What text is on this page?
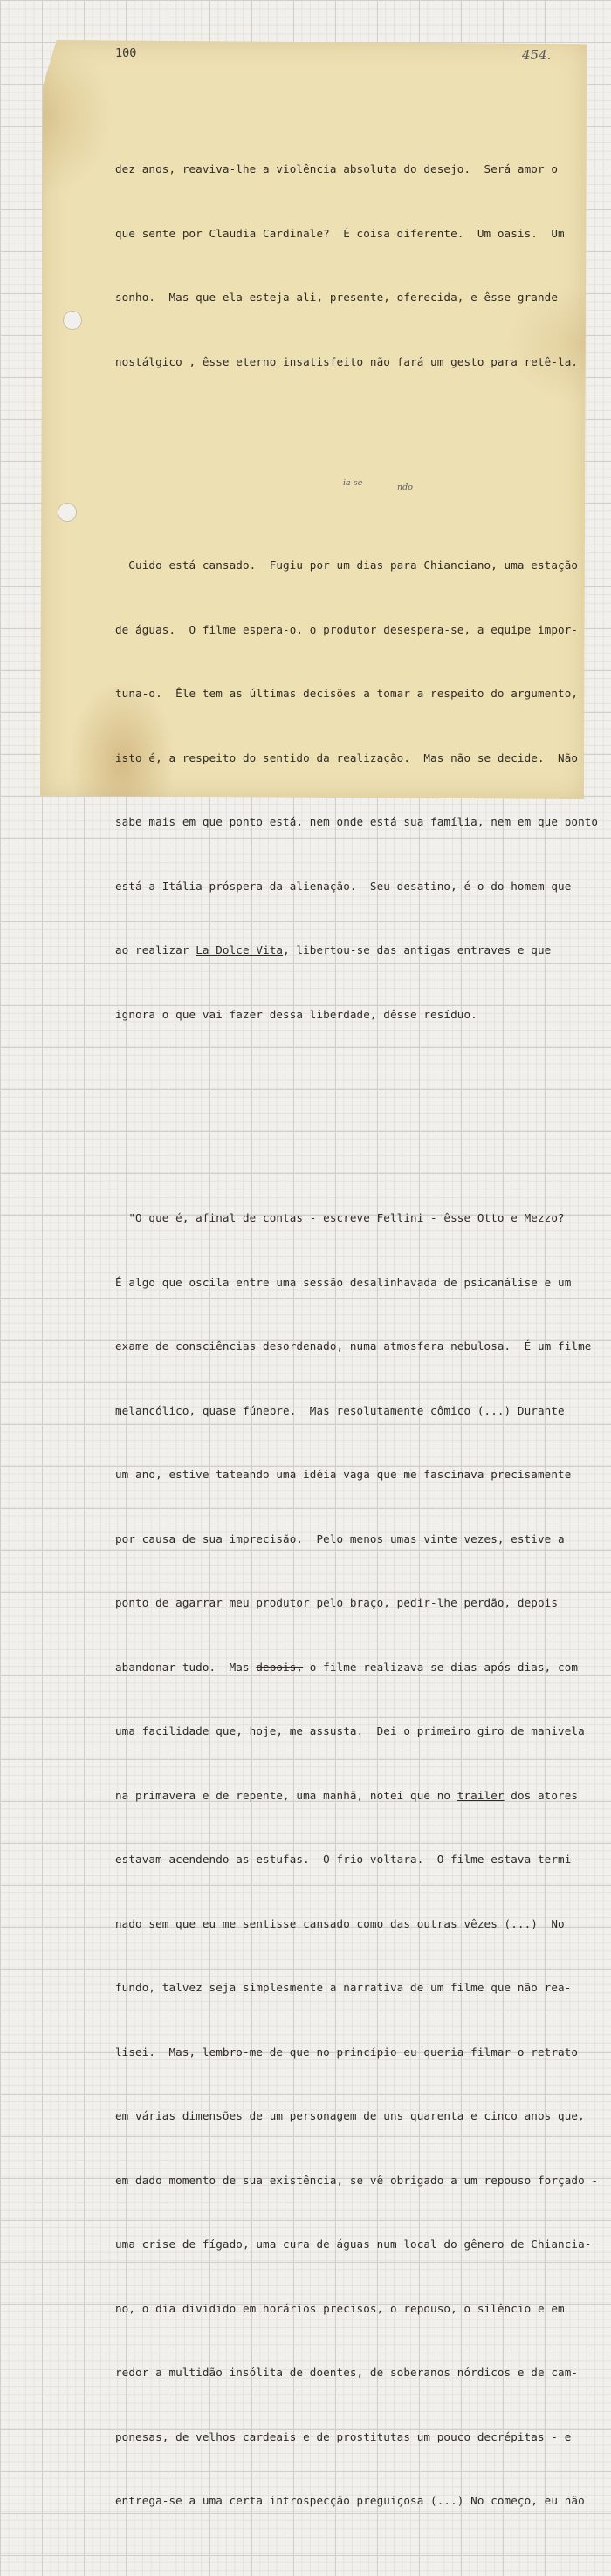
100	454.

dez anos, reaviva-lhe a violência absoluta do desejo.  Será amor o

que sente por Claudia Cardinale?  É coisa diferente.  Um oasis.  Um

sonho.  Mas que ela esteja ali, presente, oferecida, e êsse grande

nostálgico , êsse eterno insatisfeito não fará um gesto para retê-la.

Guido está cansado.  Fugiu por um dias para Chianciano, uma estação

de águas.  O filme espera-o, o produtor desespera-se, a equipe impor-

tuna-o.  Êle tem as últimas decisões a tomar a respeito do argumento,

isto é, a respeito do sentido da realização.  Mas não se decide.  Não

sabe mais em que ponto está, nem onde está sua família, nem em que ponto

está a Itália próspera da alienação.  Seu desatino, é o do homem que

ao realizar La Dolce Vita, libertou-se das antigas entraves e que

ignora o que vai fazer dessa liberdade, dêsse resíduo.

"O que é, afinal de contas - escreve Fellini - êsse Otto e Mezzo?

É algo que oscila entre uma sessão desalinhavada de psicanálise e um

exame de consciências desordenado, numa atmosfera nebulosa.  É um filme

melancólico, quase fúnebre.  Mas resolutamente cômico (...) Durante

um ano, estive tateando uma idéia vaga que me fascinava precisamente

por causa de sua imprecisão.  Pelo menos umas vinte vezes, estive a

ponto de agarrar meu produtor pelo braço, pedir-lhe perdão, depois

abandonar tudo.  Mas depois, o filme realizava-se dias após dias, com

uma facilidade que, hoje, me assusta.  Dei o primeiro giro de manivela

na primavera e de repente, uma manhã, notei que no trailer dos atores

estavam acendendo as estufas.  O frio voltara.  O filme estava termi-

nado sem que eu me sentisse cansado como das outras vêzes (...)  No

fundo, talvez seja simplesmente a narrativa de um filme que não rea-

lisei.  Mas, lembro-me de que no princípio eu queria filmar o retrato

em várias dimensões de um personagem de uns quarenta e cinco anos que,

em dado momento de sua existência, se vê obrigado a um repouso forçado -

uma crise de fígado, uma cura de águas num local do gênero de Chiancia-

no, o dia dividido em horários precisos, o repouso, o silêncio e em

redor a multidão insólita de doentes, de soberanos nórdicos e de cam-

ponesas, de velhos cardeais e de prostitutas um pouco decrépitas - e

entrega-se a uma certa introspecção preguiçosa (...) No começo, eu não

ia-se	ndo
